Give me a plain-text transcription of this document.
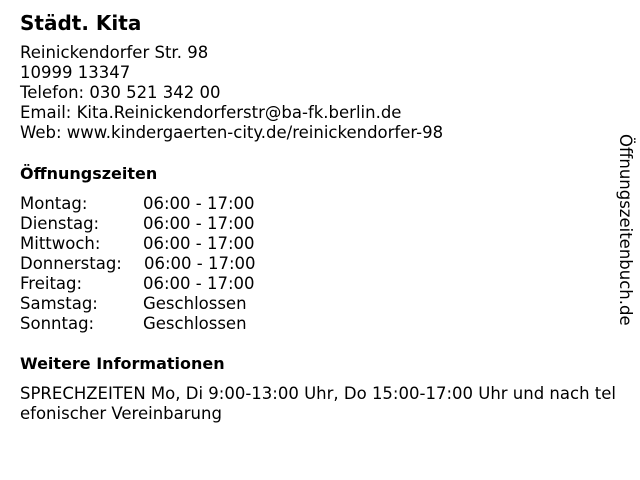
Städt. Kita
Reinickendorfer Str. 98
10999 13347
Telefon: 030 521 342 00
Email: Kita.Reinickendorferstr@ba-fk.berlin.de
Web: www.kindergaerten-city.de/reinickendorfer-98
Öffnungszeiten
Montag:	06:00 - 17:00
Dienstag:	06:00 - 17:00
Mittwoch:	06:00 - 17:00
Donnerstag: 06:00 - 17:00
Freitag:	06:00 - 17:00
Samstag:	Geschlossen
Sonntag:	Geschlossen
Weitere Informationen
SPRECHZEITEN Mo, Di 9:00-13:00 Uhr, Do 15:00-17:00 Uhr und nach telefonischer Vereinbarung
Öffnungszeitenbuch.de
